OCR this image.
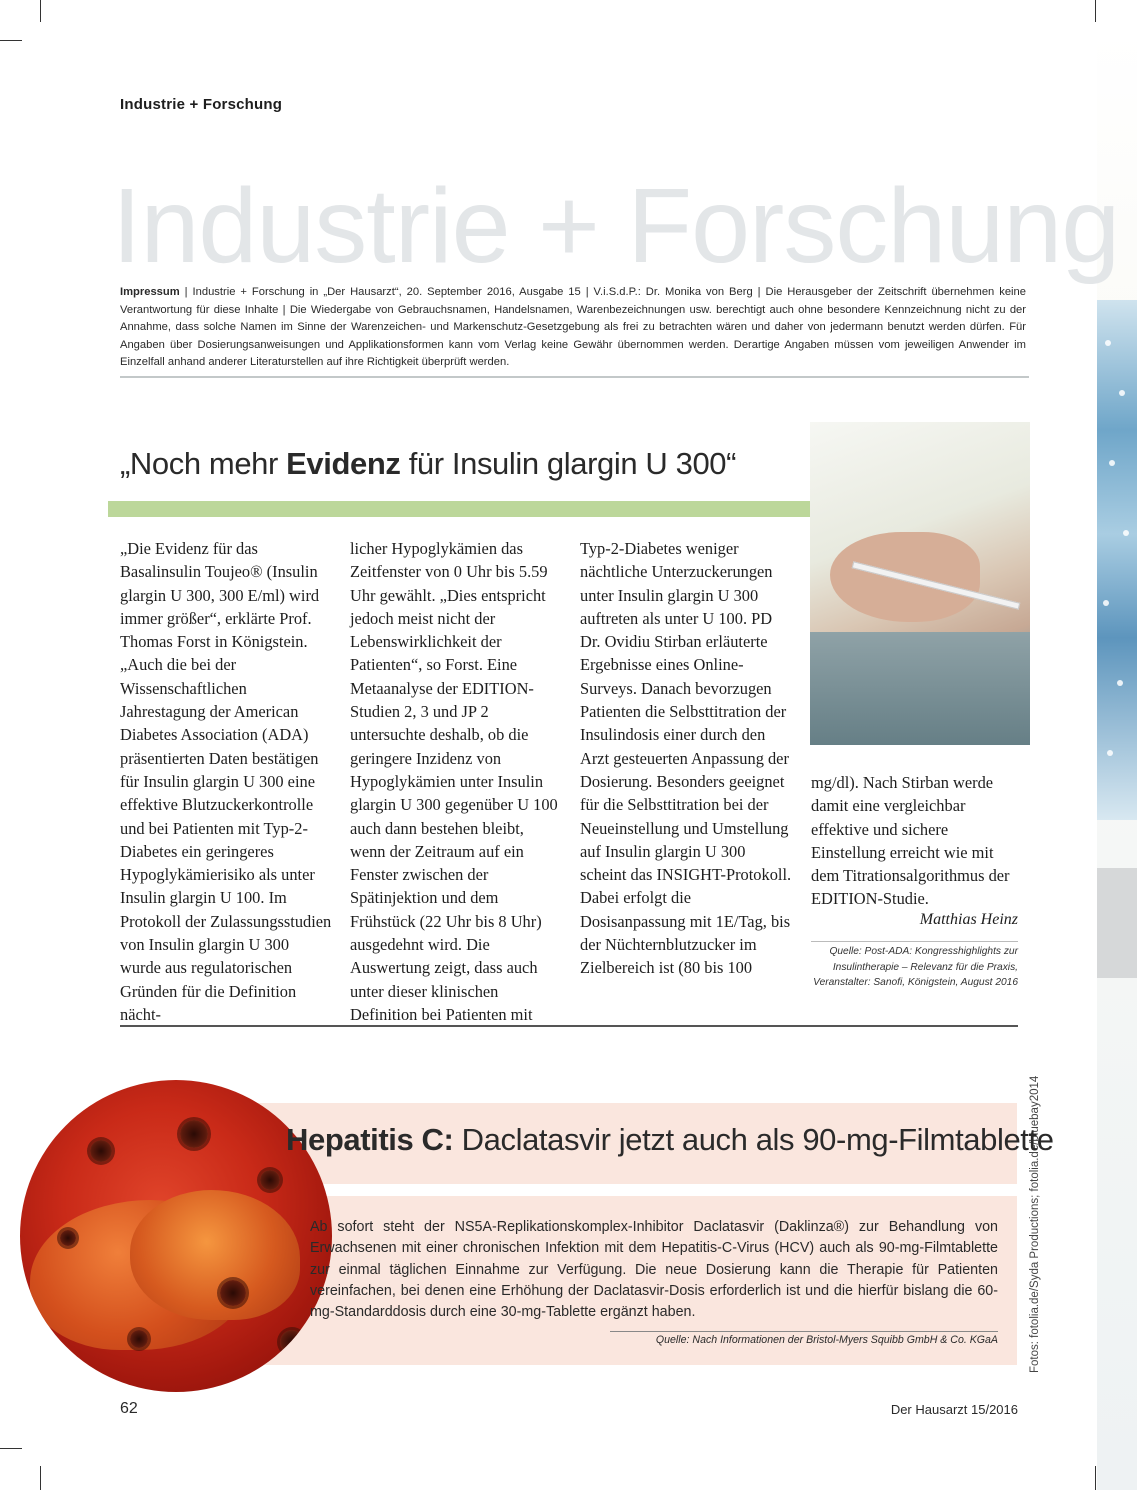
Industrie + Forschung
Industrie + Forschung
Impressum | Industrie + Forschung in „Der Hausarzt“, 20. September 2016, Ausgabe 15 | V.i.S.d.P.: Dr. Monika von Berg | Die Herausgeber der Zeitschrift übernehmen keine Verantwortung für diese Inhalte | Die Wiedergabe von Gebrauchsnamen, Handelsnamen, Warenbezeichnungen usw. berechtigt auch ohne besondere Kennzeichnung nicht zu der Annahme, dass solche Namen im Sinne der Warenzeichen- und Markenschutz-Gesetzgebung als frei zu betrachten wären und daher von jedermann benutzt werden dürfen. Für Angaben über Dosierungsanweisungen und Applikationsformen kann vom Verlag keine Gewähr übernommen werden. Derartige Angaben müssen vom jeweiligen Anwender im Einzelfall anhand anderer Literaturstellen auf ihre Richtigkeit überprüft werden.
„Noch mehr Evidenz für Insulin glargin U 300“

„Die Evidenz für das Basalinsulin Toujeo® (Insulin glargin U 300, 300 E/ml) wird immer größer“, erklärte Prof. Thomas Forst in Königstein. „Auch die bei der Wissenschaftlichen Jahrestagung der American Diabetes Association (ADA) präsentierten Daten bestätigen für Insulin glargin U 300 eine effektive Blutzuckerkontrolle und bei Patienten mit Typ-2-Diabetes ein geringeres Hypoglykämierisiko als unter Insulin glargin U 100. Im Protokoll der Zulassungsstudien von Insulin glargin U 300 wurde aus regulatorischen Gründen für die Definition nächt-

licher Hypoglykämien das Zeitfenster von 0 Uhr bis 5.59 Uhr gewählt. „Dies entspricht jedoch meist nicht der Lebenswirklichkeit der Patienten“, so Forst. Eine Metaanalyse der EDITION-Studien 2, 3 und JP 2 untersuchte deshalb, ob die geringere Inzidenz von Hypoglykämien unter Insulin glargin U 300 gegenüber U 100 auch dann bestehen bleibt, wenn der Zeitraum auf ein Fenster zwischen der Spätinjektion und dem Frühstück (22 Uhr bis 8 Uhr) ausgedehnt wird. Die Auswertung zeigt, dass auch unter dieser klinischen Definition bei Patienten mit

Typ-2-Diabetes weniger nächtliche Unterzuckerungen unter Insulin glargin U 300 auftreten als unter U 100. PD Dr. Ovidiu Stirban erläuterte Ergebnisse eines Online-Surveys. Danach bevorzugen Patienten die Selbsttitration der Insulindosis einer durch den Arzt gesteuerten Anpassung der Dosierung. Besonders geeignet für die Selbsttitration bei der Neueinstellung und Umstellung auf Insulin glargin U 300 scheint das INSIGHT-Protokoll. Dabei erfolgt die Dosisanpassung mit 1E/Tag, bis der Nüchternblutzucker im Zielbereich ist (80 bis 100

mg/dl). Nach Stirban werde damit eine vergleichbar effektive und sichere Einstellung erreicht wie mit dem Titrationsalgorithmus der EDITION-Studie.

Matthias Heinz
Quelle: Post-ADA: Kongresshighlights zur Insulintherapie – Relevanz für die Praxis, Veranstalter: Sanofi, Königstein, August 2016
Fotos: fotolia.de/Syda Productions; fotolia.de/bluebay2014
Hepatitis C: Daclatasvir jetzt auch als 90-mg-Filmtablette
Ab sofort steht der NS5A-Replikationskomplex-Inhibitor Daclatasvir (Daklinza®) zur Behandlung von Erwachsenen mit einer chronischen Infektion mit dem Hepatitis-C-Virus (HCV) auch als 90-mg-Filmtablette zur einmal täglichen Einnahme zur Verfügung. Die neue Dosierung kann die Therapie für Patienten vereinfachen, bei denen eine Erhöhung der Daclatasvir-Dosis erforderlich ist und die hierfür bislang die 60-mg-Standarddosis durch eine 30-mg-Tablette ergänzt haben.
Quelle: Nach Informationen der Bristol-Myers Squibb GmbH & Co. KGaA
62	Der Hausarzt 15/2016
